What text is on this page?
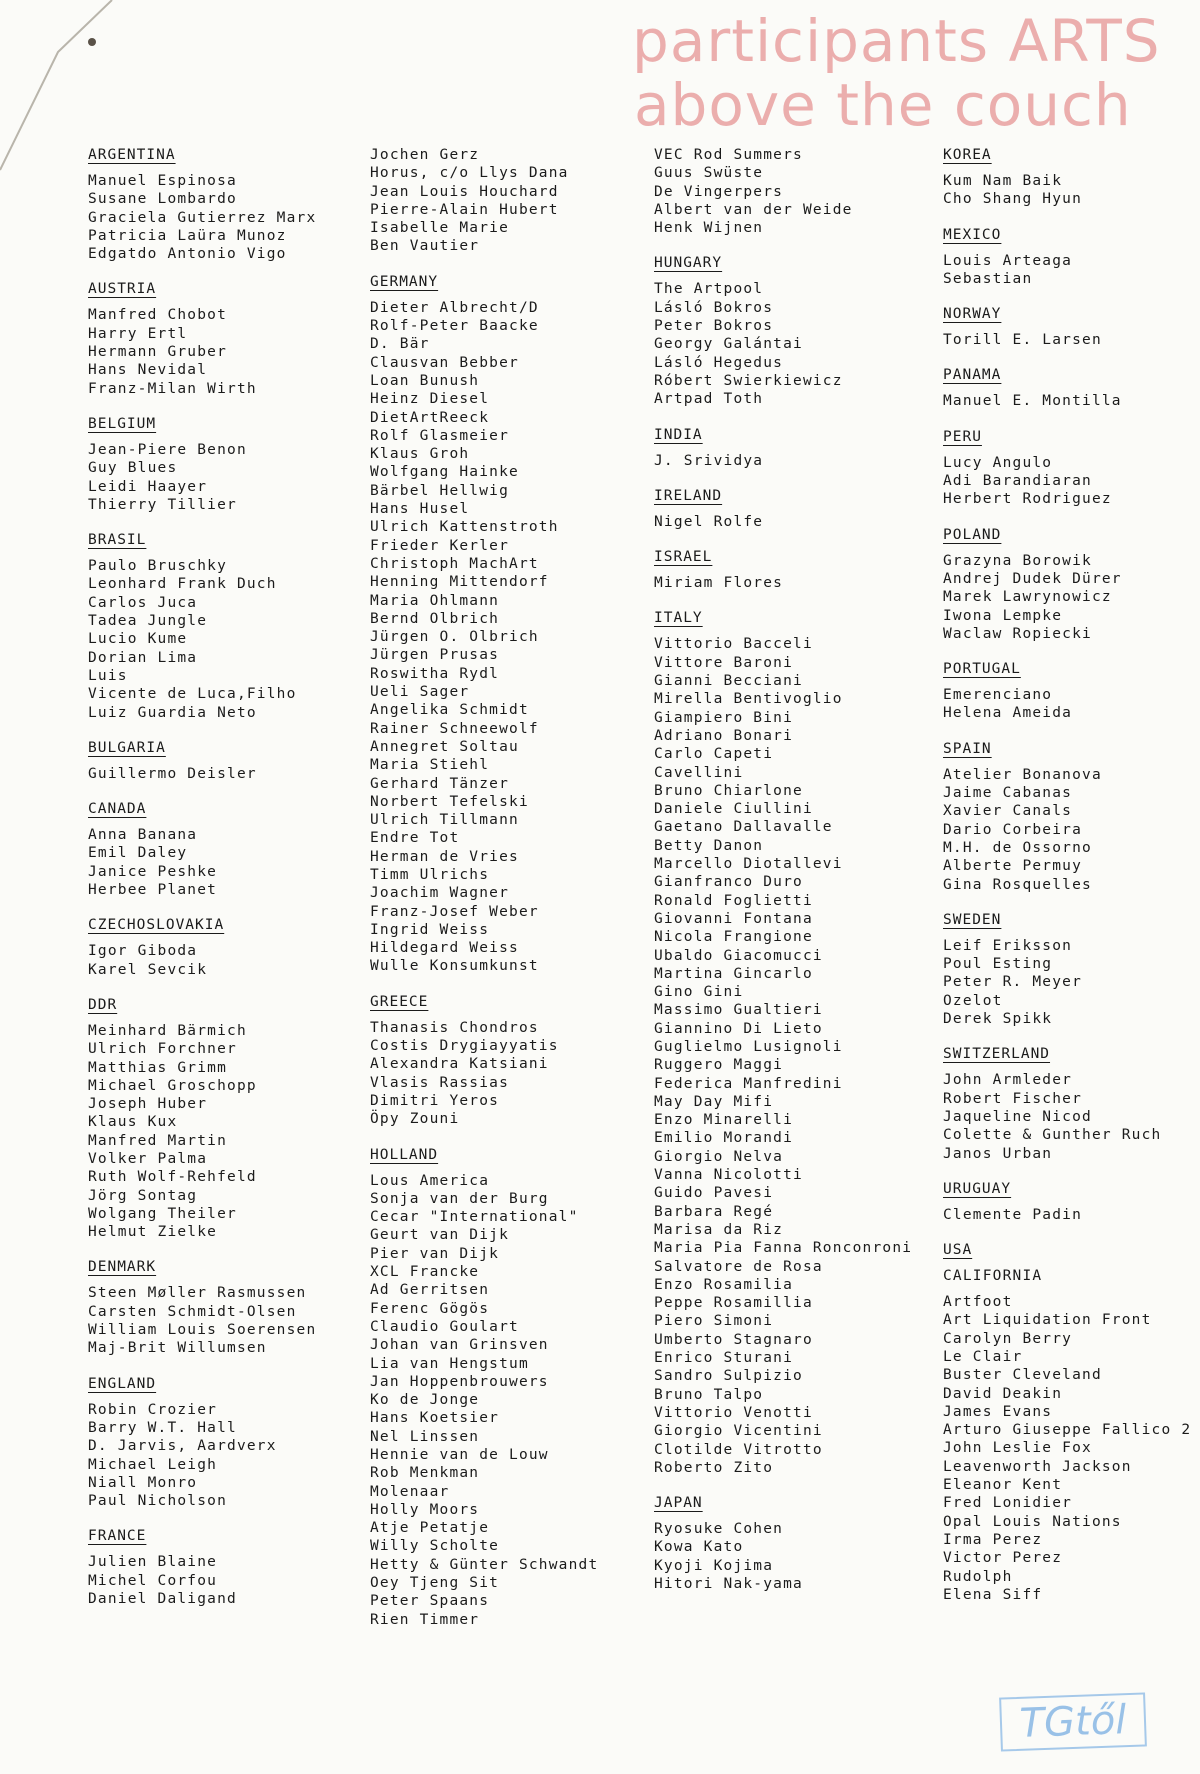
participants ARTS
above the couch
ARGENTINA
Manuel Espinosa
Susane Lombardo
Graciela Gutierrez Marx
Patricia Laüra Munoz
Edgatdo Antonio Vigo
AUSTRIA
Manfred Chobot
Harry Ertl
Hermann Gruber
Hans Nevidal
Franz-Milan Wirth
BELGIUM
Jean-Piere Benon
Guy Blues
Leidi Haayer
Thierry Tillier
BRASIL
Paulo Bruschky
Leonhard Frank Duch
Carlos Juca
Tadea Jungle
Lucio Kume
Dorian Lima
Luis
Vicente de Luca,Filho
Luiz Guardia Neto
BULGARIA
Guillermo Deisler
CANADA
Anna Banana
Emil Daley
Janice Peshke
Herbee Planet
CZECHOSLOVAKIA
Igor Giboda
Karel Sevcik
DDR
Meinhard Bärmich
Ulrich Forchner
Matthias Grimm
Michael Groschopp
Joseph Huber
Klaus Kux
Manfred Martin
Volker Palma
Ruth Wolf-Rehfeld
Jörg Sontag
Wolgang Theiler
Helmut Zielke
DENMARK
Steen Møller Rasmussen
Carsten Schmidt-Olsen
William Louis Soerensen
Maj-Brit Willumsen
ENGLAND
Robin Crozier
Barry W.T. Hall
D. Jarvis, Aardverx
Michael Leigh
Niall Monro
Paul Nicholson
FRANCE
Julien Blaine
Michel Corfou
Daniel Daligand
Jochen Gerz
Horus, c/o Llys Dana
Jean Louis Houchard
Pierre-Alain Hubert
Isabelle Marie
Ben Vautier
GERMANY
Dieter Albrecht/D
Rolf-Peter Baacke
D. Bär
Clausvan Bebber
Loan Bunush
Heinz Diesel
DietArtReeck
Rolf Glasmeier
Klaus Groh
Wolfgang Hainke
Bärbel Hellwig
Hans Husel
Ulrich Kattenstroth
Frieder Kerler
Christoph MachArt
Henning Mittendorf
Maria Ohlmann
Bernd Olbrich
Jürgen O. Olbrich
Jürgen Prusas
Roswitha Rydl
Ueli Sager
Angelika Schmidt
Rainer Schneewolf
Annegret Soltau
Maria Stiehl
Gerhard Tänzer
Norbert Tefelski
Ulrich Tillmann
Endre Tot
Herman de Vries
Timm Ulrichs
Joachim Wagner
Franz-Josef Weber
Ingrid Weiss
Hildegard Weiss
Wulle Konsumkunst
GREECE
Thanasis Chondros
Costis Drygiayyatis
Alexandra Katsiani
Vlasis Rassias
Dimitri Yeros
Öpy Zouni
HOLLAND
Lous America
Sonja van der Burg
Cecar "International"
Geurt van Dijk
Pier van Dijk
XCL Francke
Ad Gerritsen
Ferenc Gögös
Claudio Goulart
Johan van Grinsven
Lia van Hengstum
Jan Hoppenbrouwers
Ko de Jonge
Hans Koetsier
Nel Linssen
Hennie van de Louw
Rob Menkman
Molenaar
Holly Moors
Atje Petatje
Willy Scholte
Hetty & Günter Schwandt
Oey Tjeng Sit
Peter Spaans
Rien Timmer
VEC Rod Summers
Guus Swüste
De Vingerpers
Albert van der Weide
Henk Wijnen
HUNGARY
The Artpool
Lásló Bokros
Peter Bokros
Georgy Galántai
Lásló Hegedus
Róbert Swierkiewicz
Artpad Toth
INDIA
J. Srividya
IRELAND
Nigel Rolfe
ISRAEL
Miriam Flores
ITALY
Vittorio Bacceli
Vittore Baroni
Gianni Becciani
Mirella Bentivoglio
Giampiero Bini
Adriano Bonari
Carlo Capeti
Cavellini
Bruno Chiarlone
Daniele Ciullini
Gaetano Dallavalle
Betty Danon
Marcello Diotallevi
Gianfranco Duro
Ronald Foglietti
Giovanni Fontana
Nicola Frangione
Ubaldo Giacomucci
Martina Gincarlo
Gino Gini
Massimo Gualtieri
Giannino Di Lieto
Guglielmo Lusignoli
Ruggero Maggi
Federica Manfredini
May Day Mifi
Enzo Minarelli
Emilio Morandi
Giorgio Nelva
Vanna Nicolotti
Guido Pavesi
Barbara Regé
Marisa da Riz
Maria Pia Fanna Ronconroni
Salvatore de Rosa
Enzo Rosamilia
Peppe Rosamillia
Piero Simoni
Umberto Stagnaro
Enrico Sturani
Sandro Sulpizio
Bruno Talpo
Vittorio Venotti
Giorgio Vicentini
Clotilde Vitrotto
Roberto Zito
JAPAN
Ryosuke Cohen
Kowa Kato
Kyoji Kojima
Hitori Nak-yama
KOREA
Kum Nam Baik
Cho Shang Hyun
MEXICO
Louis Arteaga
Sebastian
NORWAY
Torill E. Larsen
PANAMA
Manuel E. Montilla
PERU
Lucy Angulo
Adi Barandiaran
Herbert Rodriguez
POLAND
Grazyna Borowik
Andrej Dudek Dürer
Marek Lawrynowicz
Iwona Lempke
Waclaw Ropiecki
PORTUGAL
Emerenciano
Helena Ameida
SPAIN
Atelier Bonanova
Jaime Cabanas
Xavier Canals
Dario Corbeira
M.H. de Ossorno
Alberte Permuy
Gina Rosquelles
SWEDEN
Leif Eriksson
Poul Esting
Peter R. Meyer
Ozelot
Derek Spikk
SWITZERLAND
John Armleder
Robert Fischer
Jaqueline Nicod
Colette & Gunther Ruch
Janos Urban
URUGUAY
Clemente Padin
USA
CALIFORNIA
Artfoot
Art Liquidation Front
Carolyn Berry
Le Clair
Buster Cleveland
David Deakin
James Evans
Arturo Giuseppe Fallico 2
John Leslie Fox
Leavenworth Jackson
Eleanor Kent
Fred Lonidier
Opal Louis Nations
Irma Perez
Victor Perez
Rudolph
Elena Siff
TGtől
